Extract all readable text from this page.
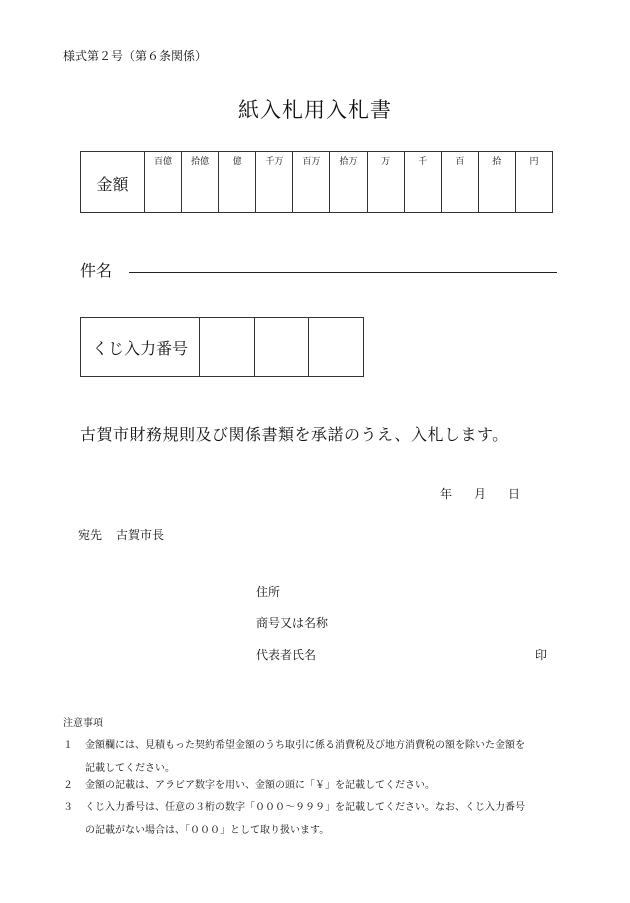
様式第２号（第６条関係）
紙入札用入札書
金額
百億	拾億	億	千万	百万	拾万	万	千	百	拾	円
件名
くじ入力番号
古賀市財務規則及び関係書類を承諾のうえ、入札します。
年 月 日
宛先 古賀市長
住所
商号又は名称
代表者氏名	印
注意事項
１ 金額欄には、見積もった契約希望金額のうち取引に係る消費税及び地方消費税の額を除いた金額を
記載してください。
２ 金額の記載は、アラビア数字を用い、金額の頭に「￥」を記載してください。
３ くじ入力番号は、任意の３桁の数字「０００～９９９」を記載してください。なお、くじ入力番号
の記載がない場合は、「０００」として取り扱います。
